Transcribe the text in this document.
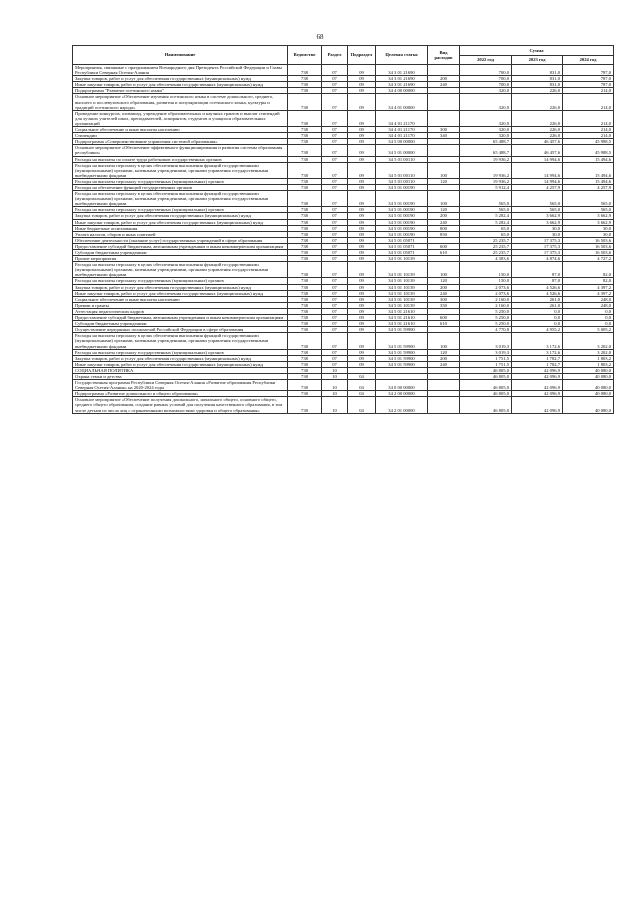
68
Наименование	Ведомство	Раздел	Подраздел	Целевая статья	Вид расходов	Сумма		
						2022 год	2023 год	2024 год
Мероприятия, связанные с празднованием Всенародного дня Президента Российской Федерации и Главы Республики Северная Осетия-Алания	738	07	09	34 3 01 21690		700,0	831,0	787,0
Закупка товаров, работ и услуг для обеспечения государственных (муниципальных) нужд	738	07	09	34 3 01 21690	200	700,0	831,0	787,0
Иные закупки товаров, работ и услуг для обеспечения государственных (муниципальных) нужд	738	07	09	34 3 01 21690	240	700,0	831,0	787,0
Подпрограмма "Развитие осетинского языка"	738	07	09	34 4 00 00000		320,0	226,0	214,0
Основное мероприятие «Обеспечение изучения осетинского языка в системе дошкольного, среднего, высшего и послевузовского образования, развития и популяризации осетинского языка, культуры и традиций осетинского народа»	738	07	09	34 4 01 00000		320,0	226,0	214,0
Проведение конкурсов, олимпиад, учреждение образовательных и научных грантов и выплат стипендий для лучших учителей школ, преподавателей, аспирантов, студентов и учащихся образовательных организаций	738	07	09	34 4 01 21170		320,0	226,0	214,0
Социальное обеспечение и иные выплаты населению	738	07	09	34 4 01 21170	300	320,0	226,0	214,0
Стипендии	738	07	09	34 4 01 21170	340	320,0	226,0	214,0
Подпрограмма «Совершенствование управления системой образования»	738	07	09	34 5 00 00000		65 488,7	46 457,6	45 988,5
Основное мероприятие «Обеспечение эффективного функционирования и развития системы образования республики»	738	07	09	34 5 01 00000		65 488,7	46 457,6	45 988,5
Расходы на выплаты по оплате труда работников государственных органов	738	07	09	34 5 01 00110		19 936,2	14 994,6	15 494,6
Расходы на выплаты персоналу в целях обеспечения выполнения функций государственными (муниципальными) органами, казенными учреждениями, органами управления государственными внебюджетными фондами	738	07	09	34 5 01 00110	100	19 936,2	14 994,6	15 494,6
Расходы на выплаты персоналу государственных (муниципальных) органов	738	07	09	34 5 01 00110	120	19 936,2	14 994,6	15 494,6
Расходы на обеспечение функций государственных органов	738	07	09	34 5 01 00190		5 912,4	4 257,9	4 257,9
Расходы на выплаты персоналу в целях обеспечения выполнения функций государственными (муниципальными) органами, казенными учреждениями, органами управления государственными внебюджетными фондами	738	07	09	34 5 01 00190	100	565,0	565,0	565,0
Расходы на выплаты персоналу государственных (муниципальных) органов	738	07	09	34 5 01 00190	120	565,0	565,0	565,0
Закупка товаров, работ и услуг для обеспечения государственных (муниципальных) нужд	738	07	09	34 5 01 00190	200	5 282,4	3 662,9	3 662,9
Иные закупки товаров, работ и услуг для обеспечения государственных (муниципальных) нужд	738	07	09	34 5 01 00190	240	5 282,4	3 662,9	3 662,9
Иные бюджетные ассигнования	738	07	09	34 5 01 00190	800	65,0	30,0	30,0
Уплата налогов, сборов и иных платежей	738	07	09	34 5 01 00190	850	65,0	30,0	30,0
Обеспечение деятельности (оказание услуг) государственных учреждений в сфере образования	738	07	09	34 5 01 05071		25 235,7	17 375,3	16 503,6
Предоставление субсидий бюджетным, автономным учреждениям и иным некоммерческим организациям	738	07	09	34 5 01 05071	600	25 235,7	17 375,3	16 503,6
Субсидии бюджетным учреждениям	738	07	09	34 5 01 05071	610	25 235,7	17 375,3	16 503,6
Прочие мероприятия	738	07	09	34 5 01 10139		4 383,6	4 874,6	4 727,2
Расходы на выплаты персоналу в целях обеспечения выполнения функций государственными (муниципальными) органами, казенными учреждениями, органами управления государственными внебюджетными фондами	738	07	09	34 5 01 10139	100	150,0	87,0	82,0
Расходы на выплаты персоналу государственных (муниципальных) органов	738	07	09	34 5 01 10139	120	150,0	87,0	82,0
Закупка товаров, работ и услуг для обеспечения государственных (муниципальных) нужд	738	07	09	34 5 01 10139	200	2 073,6	4 526,6	4 397,2
Иные закупки товаров, работ и услуг для обеспечения государственных (муниципальных) нужд	738	07	09	34 5 01 10139	240	2 073,6	4 526,6	4 397,2
Социальное обеспечение и иные выплаты населению	738	07	09	34 5 01 10139	300	2 160,0	261,0	248,0
Премии и гранты	738	07	09	34 5 01 10139	350	2 160,0	261,0	248,0
Аттестация педагогических кадров	738	07	09	34 5 01 21610		5 250,0	0,0	0,0
Предоставление субсидий бюджетным, автономным учреждениям и иным некоммерческим организациям	738	07	09	34 5 01 21610	600	5 250,0	0,0	0,0
Субсидии бюджетным учреждениям	738	07	09	34 5 01 21610	610	5 250,0	0,0	0,0
Осуществление переданных полномочий Российской Федерации в сфере образования	738	07	09	34 5 01 59900		4 770,8	4 955,2	5 005,2
Расходы на выплаты персоналу в целях обеспечения выполнения функций государственными (муниципальными) органами, казенными учреждениями, органами управления государственными внебюджетными фондами	738	07	09	34 5 01 59900	100	3 019,3	3 172,6	3 202,0
Расходы на выплаты персоналу государственных (муниципальных) органов	738	07	09	34 5 01 59900	120	3 019,3	3 172,6	3 202,0
Закупка товаров, работ и услуг для обеспечения государственных (муниципальных) нужд	738	07	09	34 5 01 59900	200	1 751,5	1 782,7	1 803,2
Иные закупки товаров, работ и услуг для обеспечения государственных (муниципальных) нужд	738	07	09	34 5 01 59900	240	1 751,5	1 782,7	1 803,2
СОЦИАЛЬНАЯ ПОЛИТИКА	738	10				46 805,0	42 096,9	40 080,0
Охрана семьи и детства	738	10	04			46 805,0	42 096,9	40 080,0
Государственная программа Республики Северная Осетия-Алания «Развитие образования Республики Северная Осетия-Алания» на 2020-2024 годы	738	10	04	34 0 00 00000		46 805,0	42 096,9	40 080,0
Подпрограмма «Развитие дошкольного и общего образования»	738	10	04	34 2 00 00000		46 805,0	42 096,9	40 080,0
Основное мероприятие «Обеспечение получения дошкольного, начального общего, основного общего, среднего общего образования, создание равных условий для получения качественного образования, в том числе детьми из числа лиц с ограниченными возможностями здоровья и общего образования»	738	10	04	34 2 01 00000		46 805,0	42 096,9	40 080,0
